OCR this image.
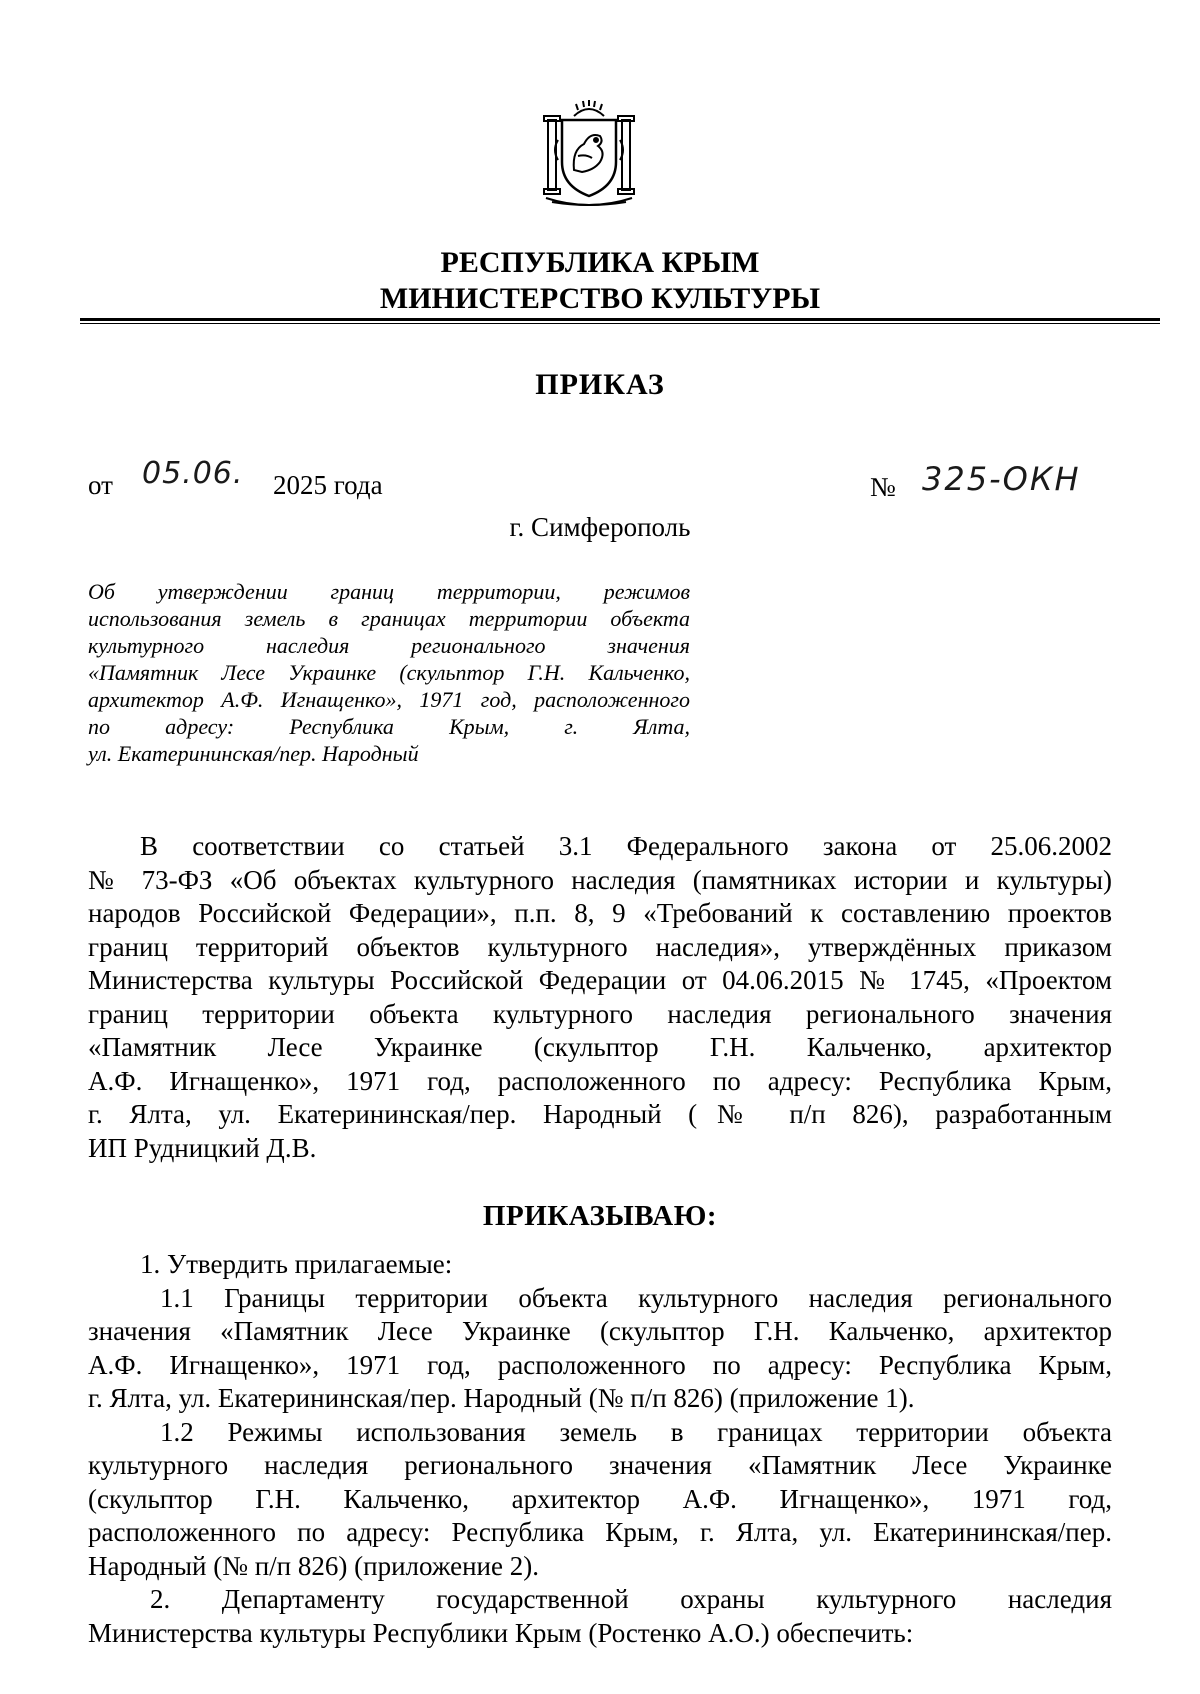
РЕСПУБЛИКА КРЫМ
МИНИСТЕРСТВО КУЛЬТУРЫ
ПРИКАЗ
от 05.06. 2025 года	№ 325-ОКН
г. Симферополь
Об утверждении границ территории, режимов
использования земель в границах территории объекта
культурного наследия регионального значения
«Памятник Лесе Украинке (скульптор Г.Н. Кальченко,
архитектор А.Ф. Игнащенко», 1971 год, расположенного
по адресу: Республика Крым, г. Ялта,
ул. Екатерининская/пер. Народный
В соответствии со статьей 3.1 Федерального закона от 25.06.2002
№ 73-ФЗ «Об объектах культурного наследия (памятниках истории и культуры)
народов Российской Федерации», п.п. 8, 9 «Требований к составлению проектов
границ территорий объектов культурного наследия», утверждённых приказом
Министерства культуры Российской Федерации от 04.06.2015 № 1745, «Проектом
границ территории объекта культурного наследия регионального значения
«Памятник Лесе Украинке (скульптор Г.Н. Кальченко, архитектор
А.Ф. Игнащенко», 1971 год, расположенного по адресу: Республика Крым,
г. Ялта, ул. Екатерининская/пер. Народный (№ п/п 826), разработанным
ИП Рудницкий Д.В.
ПРИКАЗЫВАЮ:
1. Утвердить прилагаемые:
1.1 Границы территории объекта культурного наследия регионального
значения «Памятник Лесе Украинке (скульптор Г.Н. Кальченко, архитектор
А.Ф. Игнащенко», 1971 год, расположенного по адресу: Республика Крым,
г. Ялта, ул. Екатерининская/пер. Народный (№ п/п 826) (приложение 1).
1.2 Режимы использования земель в границах территории объекта
культурного наследия регионального значения «Памятник Лесе Украинке
(скульптор Г.Н. Кальченко, архитектор А.Ф. Игнащенко», 1971 год,
расположенного по адресу: Республика Крым, г. Ялта, ул. Екатерининская/пер.
Народный (№ п/п 826) (приложение 2).
2. Департаменту государственной охраны культурного наследия
Министерства культуры Республики Крым (Ростенко А.О.) обеспечить:
